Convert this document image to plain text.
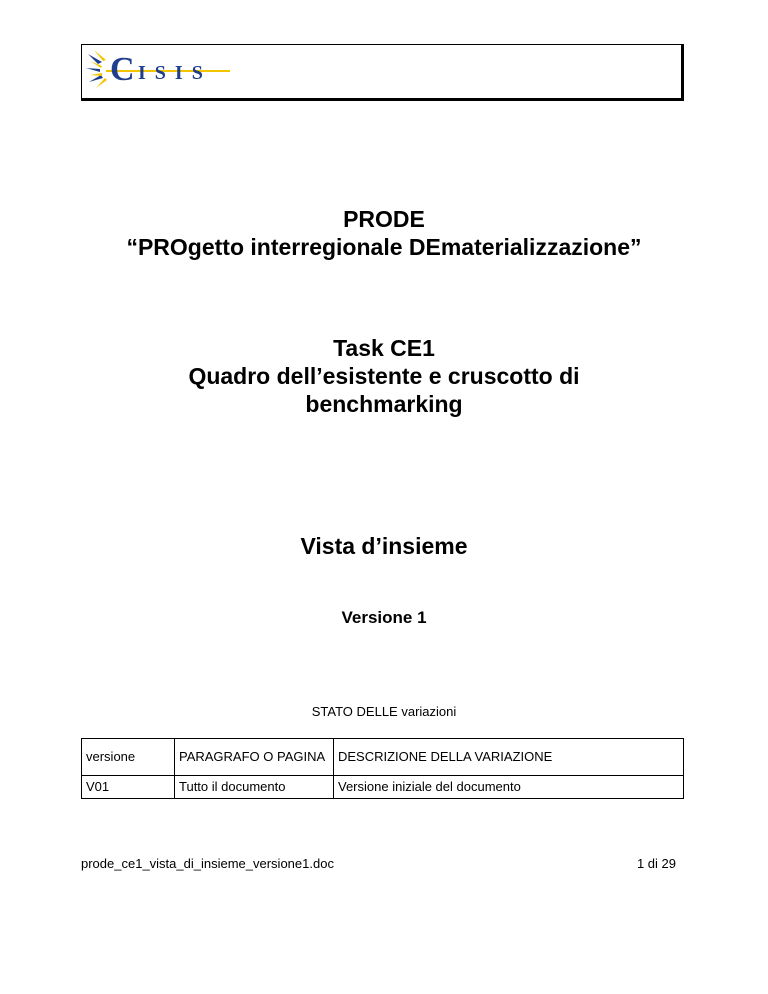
C ISIS
PRODE
“PROgetto interregionale DEmaterializzazione”
Task CE1
Quadro dell’esistente e cruscotto di
benchmarking
Vista d’insieme
Versione 1
STATO DELLE variazioni
versione	PARAGRAFO O PAGINA	DESCRIZIONE DELLA VARIAZIONE
V01	Tutto il documento	Versione iniziale del documento
prode_ce1_vista_di_insieme_versione1.doc	1 di 29
